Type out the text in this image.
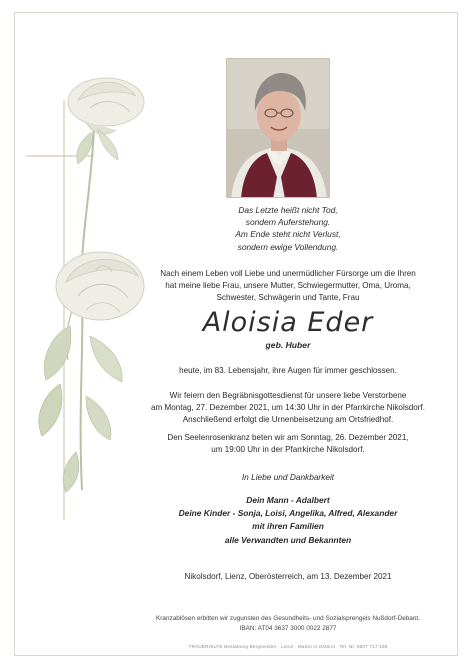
Das Letzte heißt nicht Tod,
sondern Auferstehung.
Am Ende steht nicht Verlust,
sondern ewige Vollendung.
Nach einem Leben voll Liebe und unermüdlicher Fürsorge um die Ihren
hat meine liebe Frau, unsere Mutter, Schwiegermutter, Oma, Uroma,
Schwester, Schwägerin und Tante, Frau
Aloisia Eder
geb. Huber
heute, im 83. Lebensjahr, ihre Augen für immer geschlossen.
Wir feiern den Begräbnisgottesdienst für unsere liebe Verstorbene
am Montag, 27. Dezember 2021, um 14:30 Uhr in der Pfarrkirche Nikolsdorf.
Anschließend erfolgt die Urnenbeisetzung am Ortsfriedhof.
Den Seelenrosenkranz beten wir am Sonntag, 26. Dezember 2021,
um 19:00 Uhr in der Pfarrkirche Nikolsdorf.
In Liebe und Dankbarkeit
Dein Mann - Adalbert
Deine Kinder - Sonja, Loisi, Angelika, Alfred, Alexander
mit ihren Familien
alle Verwandten und Bekannten
Nikolsdorf, Lienz, Oberösterreich, am 13. Dezember 2021
Kranzablösen erbitten wir zugunsten des Gesundheits- und Sozialsprengels Nußdorf-Debant.
IBAN: AT04 3637 3000 0022 2877
TRAUERHILFE Bestattung Bergmeister · Lienz · Matrei in Osttirol · Tel. Nr. 0507 717 100
